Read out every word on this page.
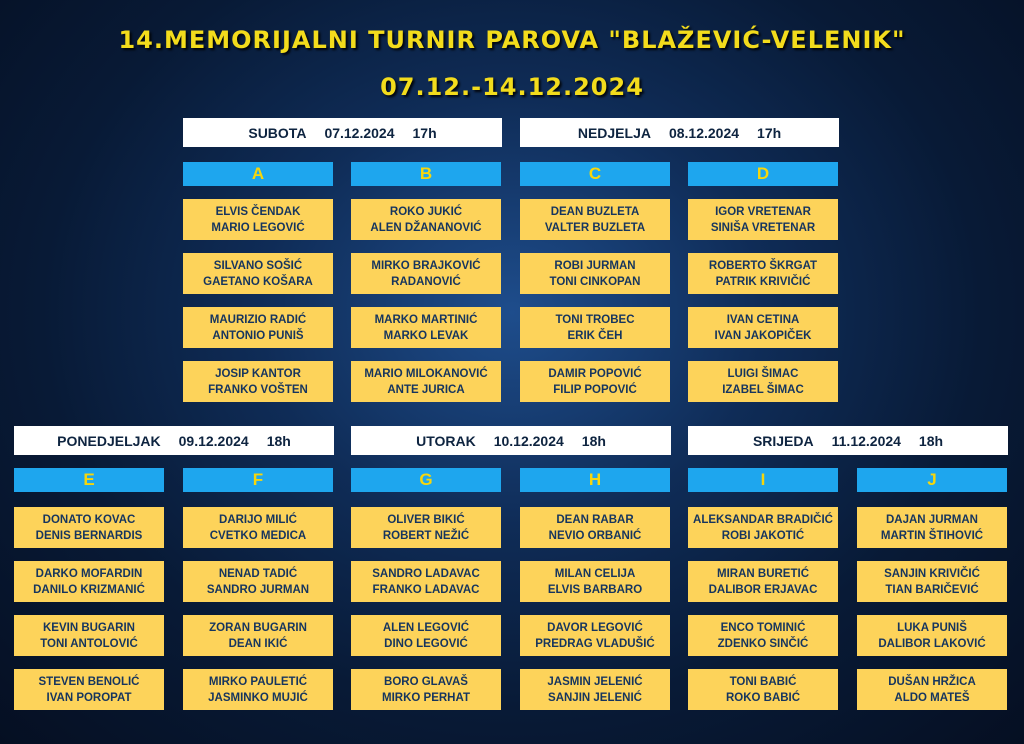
14.MEMORIJALNI TURNIR PAROVA "BLAŽEVIĆ-VELENIK"
07.12.-14.12.2024
SUBOTA 07.12.2024 17h	NEDJELJA 08.12.2024 17h
PONEDJELJAK 09.12.2024 18h	UTORAK 10.12.2024 18h	SRIJEDA 11.12.2024 18h
A
ELVIS ČENDAK
MARIO LEGOVIĆ
SILVANO SOŠIĆ
GAETANO KOŠARA
MAURIZIO RADIĆ
ANTONIO PUNIŠ
JOSIP KANTOR
FRANKO VOŠTEN
B
ROKO JUKIĆ
ALEN DŽANANOVIĆ
MIRKO BRAJKOVIĆ
RADANOVIĆ
MARKO MARTINIĆ
MARKO LEVAK
MARIO MILOKANOVIĆ
ANTE JURICA
C
DEAN BUZLETA
VALTER BUZLETA
ROBI JURMAN
TONI CINKOPAN
TONI TROBEC
ERIK ČEH
DAMIR POPOVIĆ
FILIP POPOVIĆ
D
IGOR VRETENAR
SINIŠA VRETENAR
ROBERTO ŠKRGAT
PATRIK KRIVIČIĆ
IVAN CETINA
IVAN JAKOPIČEK
LUIGI ŠIMAC
IZABEL ŠIMAC
E
DONATO KOVAC
DENIS BERNARDIS
DARKO MOFARDIN
DANILO KRIZMANIĆ
KEVIN BUGARIN
TONI ANTOLOVIĆ
STEVEN BENOLIĆ
IVAN POROPAT
F
DARIJO MILIĆ
CVETKO MEDICA
NENAD TADIĆ
SANDRO JURMAN
ZORAN BUGARIN
DEAN IKIĆ
MIRKO PAULETIĆ
JASMINKO MUJIĆ
G
OLIVER BIKIĆ
ROBERT NEŽIĆ
SANDRO LADAVAC
FRANKO LADAVAC
ALEN LEGOVIĆ
DINO LEGOVIĆ
BORO GLAVAŠ
MIRKO PERHAT
H
DEAN RABAR
NEVIO ORBANIĆ
MILAN CELIJA
ELVIS BARBARO
DAVOR LEGOVIĆ
PREDRAG VLADUŠIĆ
JASMIN JELENIĆ
SANJIN JELENIĆ
I
ALEKSANDAR BRADIČIĆ
ROBI JAKOTIĆ
MIRAN BURETIĆ
DALIBOR ERJAVAC
ENCO TOMINIĆ
ZDENKO SINČIĆ
TONI BABIĆ
ROKO BABIĆ
J
DAJAN JURMAN
MARTIN ŠTIHOVIĆ
SANJIN KRIVIČIĆ
TIAN BARIČEVIĆ
LUKA PUNIŠ
DALIBOR LAKOVIĆ
DUŠAN HRŽICA
ALDO MATEŠ
